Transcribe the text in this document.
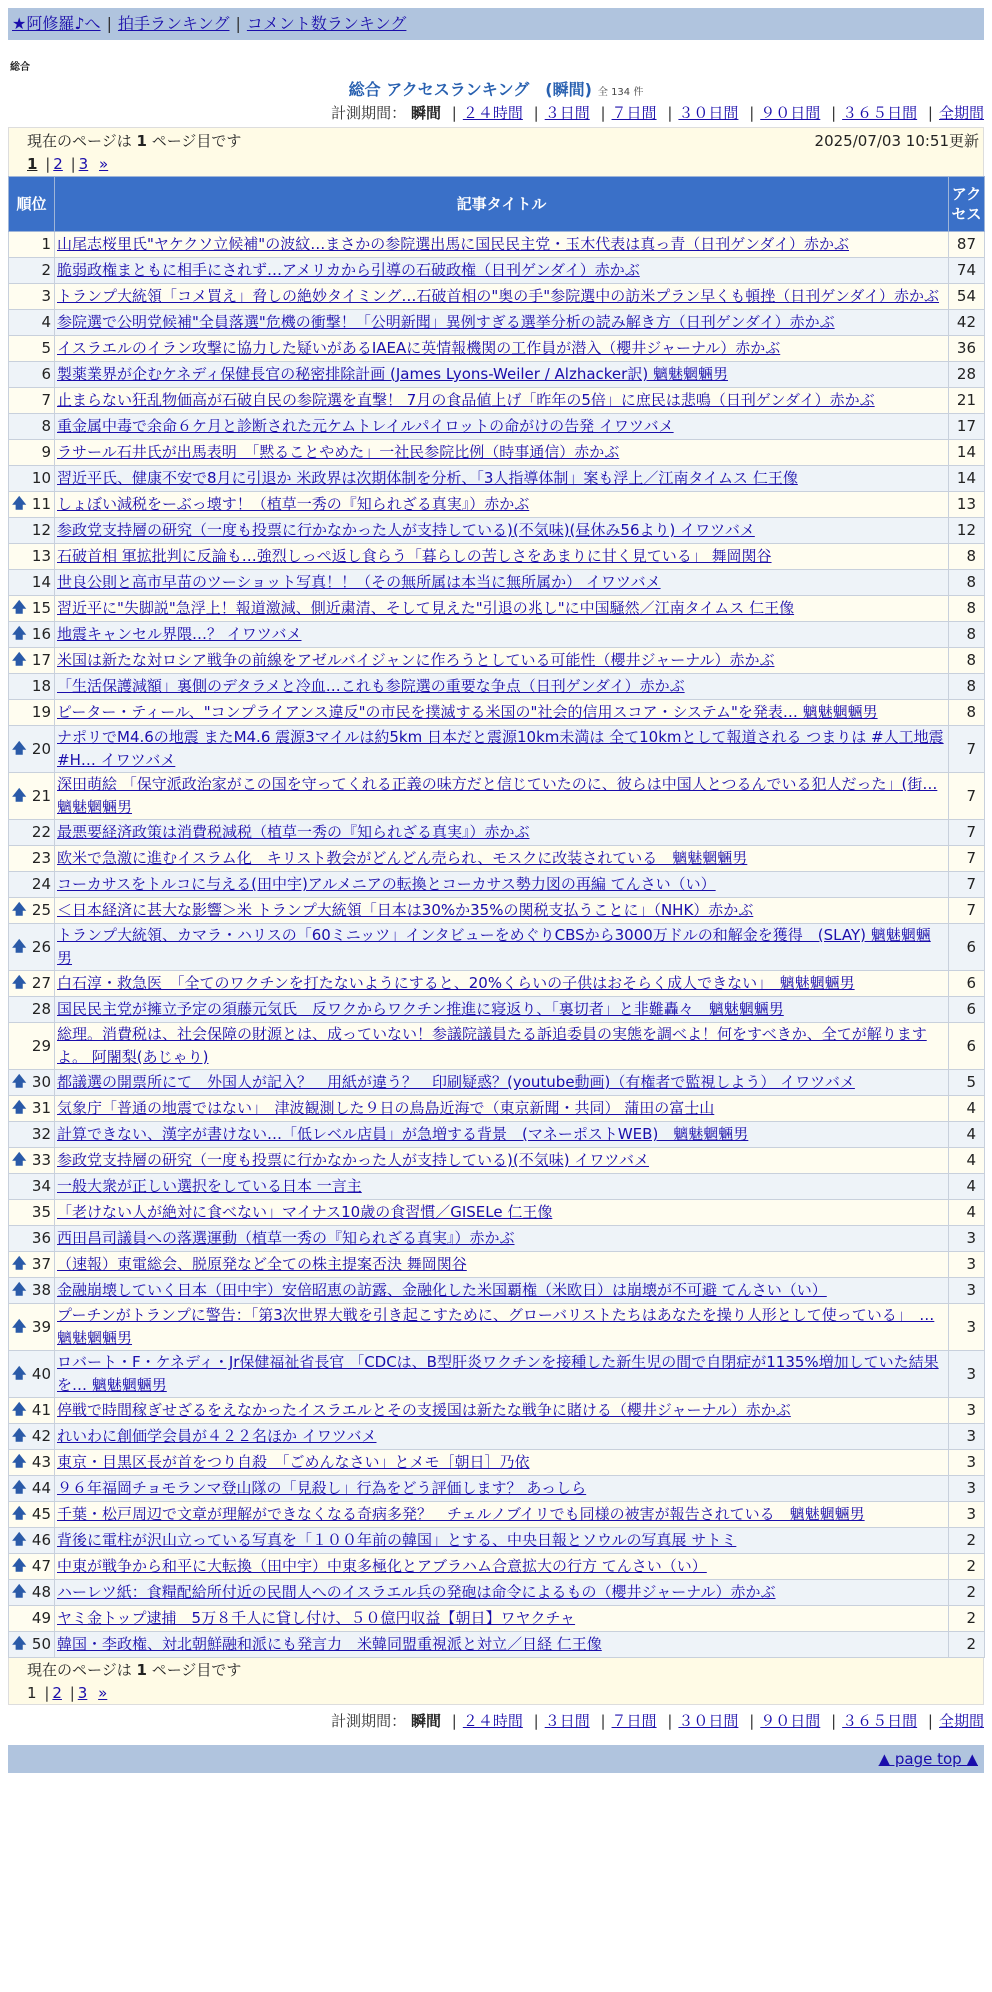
★阿修羅♪へ | 拍手ランキング | コメント数ランキング
総合
総合 アクセスランキング　(瞬間) 全 134 件
計測期間： 瞬間 | ２４時間 | ３日間 | ７日間 | ３０日間 | ９０日間 | ３６５日間 | 全期間
現在のページは 1 ページ目です	2025/07/03 10:51更新
1 | 2 | 3 »
順位	記事タイトル	アクセス
1	山尾志桜里氏"ヤケクソ立候補"の波紋…まさかの参院選出馬に国民民主党・玉木代表は真っ青（日刊ゲンダイ）赤かぶ	87
2	脆弱政権まともに相手にされず…アメリカから引導の石破政権（日刊ゲンダイ）赤かぶ	74
3	トランプ大統領「コメ買え」脅しの絶妙タイミング…石破首相の"奥の手"参院選中の訪米プラン早くも頓挫（日刊ゲンダイ）赤かぶ	54
4	参院選で公明党候補"全員落選"危機の衝撃！「公明新聞」異例すぎる選挙分析の読み解き方（日刊ゲンダイ）赤かぶ	42
5	イスラエルのイラン攻撃に協力した疑いがあるIAEAに英情報機関の工作員が潜入（櫻井ジャーナル）赤かぶ	36
6	製薬業界が企むケネディ保健長官の秘密排除計画 (James Lyons-Weiler / Alzhacker訳) 魑魅魍魎男	28
7	止まらない狂乱物価高が石破自民の参院選を直撃！ 7月の食品値上げ「昨年の5倍」に庶民は悲鳴（日刊ゲンダイ）赤かぶ	21
8	重金属中毒で余命６ケ月と診断された元ケムトレイルパイロットの命がけの告発 イワツバメ	17
9	ラサール石井氏が出馬表明　「黙ることやめた」一社民参院比例（時事通信）赤かぶ	14
10	習近平氏、健康不安で8月に引退か 米政界は次期体制を分析、「3人指導体制」案も浮上／江南タイムス 仁王像	14

🡅 11	しょぼい減税をーぶっ壊す！（植草一秀の『知られざる真実』）赤かぶ	13
12	参政党支持層の研究（一度も投票に行かなかった人が支持している)(不気味)(昼休み56より) イワツバメ	12
13	石破首相 軍拡批判に反論も…強烈しっぺ返し食らう「暮らしの苦しさをあまりに甘く見ている」 舞岡関谷	8
14	世良公則と高市早苗のツーショット写真！！（その無所属は本当に無所属か） イワツバメ	8

🡅 15	習近平に"失脚説"急浮上！報道激減、側近粛清、そして見えた"引退の兆し"に中国騒然／江南タイムス 仁王像	8

🡅 16	地震キャンセル界隈…？ イワツバメ	8

🡅 17	米国は新たな対ロシア戦争の前線をアゼルバイジャンに作ろうとしている可能性（櫻井ジャーナル）赤かぶ	8
18	「生活保護減額」裏側のデタラメと冷血…これも参院選の重要な争点（日刊ゲンダイ）赤かぶ	8
19	ピーター・ティール、"コンプライアンス違反"の市民を撲滅する米国の"社会的信用スコア・システム"を発表… 魑魅魍魎男	8

🡅 20	ナポリでM4.6の地震 またM4.6 震源3マイルは約5km 日本だと震源10km未満は 全て10kmとして報道される つまりは #人工地震 #H… イワツバメ	7

🡅 21	深田萌絵 「保守派政治家がこの国を守ってくれる正義の味方だと信じていたのに、彼らは中国人とつるんでいる犯人だった」(街… 魑魅魍魎男	7
22	最悪要経済政策は消費税減税（植草一秀の『知られざる真実』）赤かぶ	7
23	欧米で急激に進むイスラム化　キリスト教会がどんどん売られ、モスクに改装されている　魑魅魍魎男	7
24	コーカサスをトルコに与える(田中宇)アルメニアの転換とコーカサス勢力図の再編 てんさい（い）	7

🡅 25	＜日本経済に甚大な影響＞米 トランプ大統領「日本は30%か35%の関税支払うことに」（NHK）赤かぶ	7

🡅 26	トランプ大統領、カマラ・ハリスの「60ミニッツ」インタビューをめぐりCBSから3000万ドルの和解金を獲得　(SLAY) 魑魅魍魎男	6

🡅 27	白石淳・救急医　「全てのワクチンを打たないようにすると、20%くらいの子供はおそらく成人できない」　魑魅魍魎男	6
28	国民民主党が擁立予定の須藤元気氏　反ワクからワクチン推進に寝返り、「裏切者」と非難轟々　魑魅魍魎男	6
29	総理。消費税は、社会保障の財源とは、成っていない！参議院議員たる訴追委員の実態を調べよ！何をすべきか、全てが解りますよ。 阿闍梨(あじゃり)	6

🡅 30	都議選の開票所にて　外国人が記入？　用紙が違う？　印刷疑惑？(youtube動画)（有権者で監視しよう） イワツバメ	5

🡅 31	気象庁「普通の地震ではない」　津波観測した９日の鳥島近海で（東京新聞・共同） 蒲田の富士山	4
32	計算できない、漢字が書けない…「低レベル店員」が急増する背景　(マネーポストWEB)　魑魅魍魎男	4

🡅 33	参政党支持層の研究（一度も投票に行かなかった人が支持している)(不気味) イワツバメ	4
34	一般大衆が正しい選択をしている日本 一言主	4
35	「老けない人が絶対に食べない」マイナス10歳の食習慣／GISELe 仁王像	4
36	西田昌司議員への落選運動（植草一秀の『知られざる真実』）赤かぶ	3

🡅 37	（速報）東電総会、脱原発など全ての株主提案否決 舞岡関谷	3

🡅 38	金融崩壊していく日本（田中宇）安倍昭恵の訪露、金融化した米国覇権（米欧日）は崩壊が不可避 てんさい（い）	3

🡅 39	プーチンがトランプに警告：「第3次世界大戦を引き起こすために、グローバリストたちはあなたを操り人形として使っている」　… 魑魅魍魎男	3

🡅 40	ロバート・F・ケネディ・Jr保健福祉省長官 「CDCは、B型肝炎ワクチンを接種した新生児の間で自閉症が1135%増加していた結果を… 魑魅魍魎男	3

🡅 41	停戦で時間稼ぎせざるをえなかったイスラエルとその支援国は新たな戦争に賭ける（櫻井ジャーナル）赤かぶ	3

🡅 42	れいわに創価学会員が４２２名ほか イワツバメ	3

🡅 43	東京・目黒区長が首をつり自殺　「ごめんなさい」とメモ［朝日］乃依	3

🡅 44	９６年福岡チョモランマ登山隊の「見殺し」行為をどう評価します？ あっしら	3

🡅 45	千葉・松戸周辺で文章が理解ができなくなる奇病多発？　チェルノブイリでも同様の被害が報告されている　魑魅魍魎男	3

🡅 46	背後に電柱が沢山立っている写真を「１００年前の韓国」とする、中央日報とソウルの写真展 サトミ	2

🡅 47	中東が戦争から和平に大転換（田中宇）中東多極化とアブラハム合意拡大の行方 てんさい（い）	2

🡅 48	ハーレツ紙：食糧配給所付近の民間人へのイスラエル兵の発砲は命令によるもの（櫻井ジャーナル）赤かぶ	2
49	ヤミ金トップ逮捕　5万８千人に貸し付け、５０億円収益【朝日】ワヤクチャ	2

🡅 50	韓国・李政権、対北朝鮮融和派にも発言力　米韓同盟重視派と対立／日経 仁王像	2
現在のページは 1 ページ目です
1 | 2 | 3 »
計測期間： 瞬間 | ２４時間 | ３日間 | ７日間 | ３０日間 | ９０日間 | ３６５日間 | 全期間
▲ page top ▲
